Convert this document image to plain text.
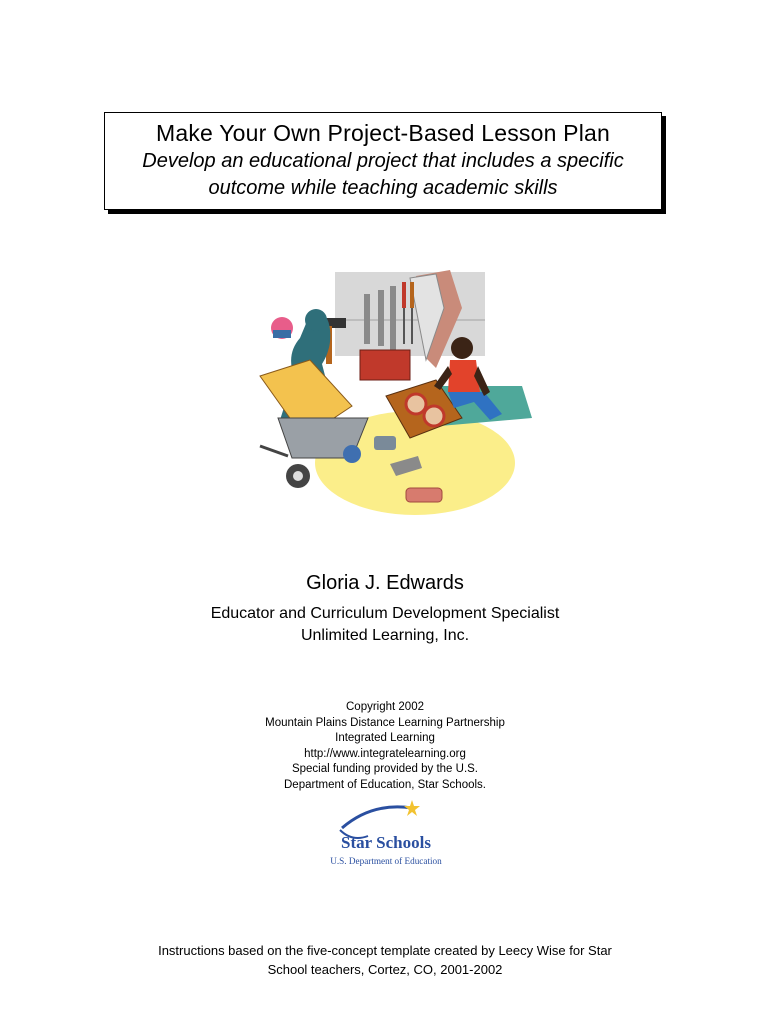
Make Your Own Project-Based Lesson Plan
Develop an educational project that includes a specific
outcome while teaching academic skills
Gloria J. Edwards
Educator and Curriculum Development Specialist
Unlimited Learning, Inc.
Copyright 2002
Mountain Plains Distance Learning Partnership
Integrated Learning
http://www.integratelearning.org
Special funding provided by the U.S.
Department of Education, Star Schools.
Star Schools
U.S. Department of Education
Instructions based on the five-concept template created by Leecy Wise for Star
School teachers, Cortez, CO, 2001-2002
